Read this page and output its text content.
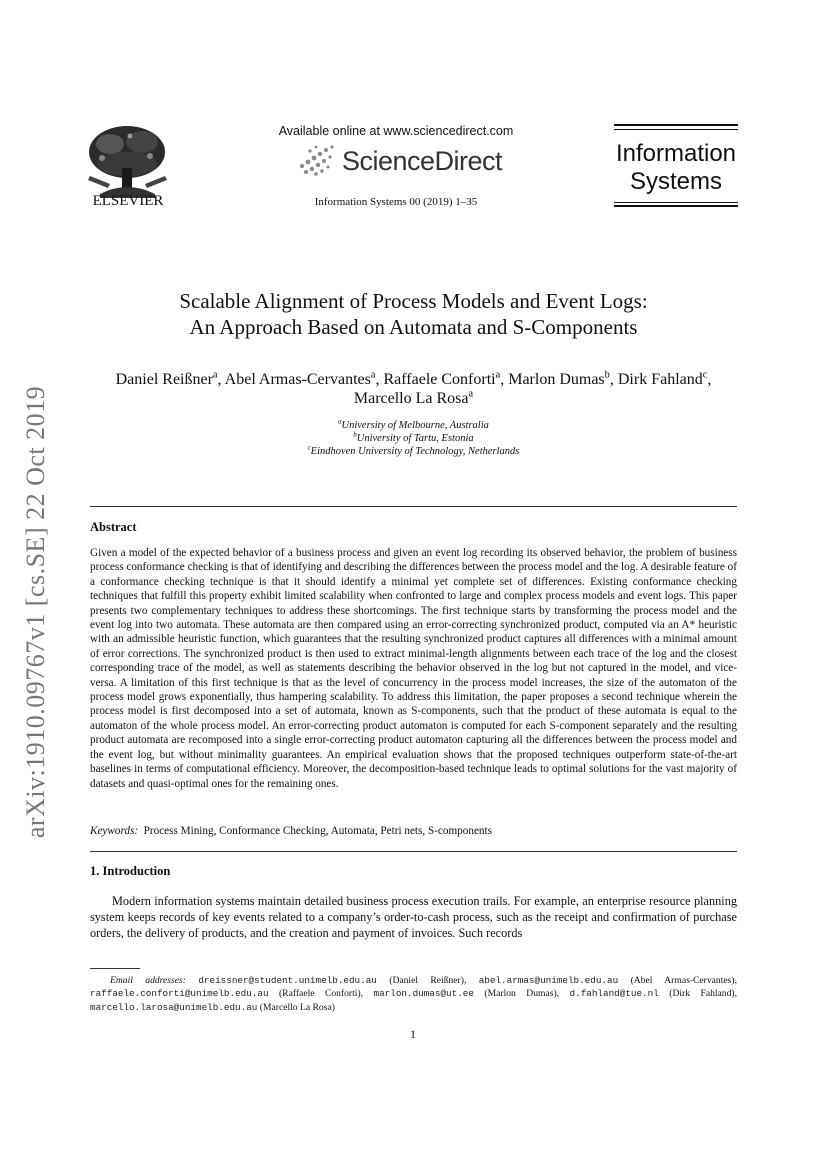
arXiv:1910.09767v1 [cs.SE] 22 Oct 2019
ELSEVIER
Available online at www.sciencedirect.com
ScienceDirect
Information Systems 00 (2019) 1–35
Information
Systems
Scalable Alignment of Process Models and Event Logs:
An Approach Based on Automata and S-Components
Daniel Reißner$^a$, Abel Armas-Cervantes$^a$, Raffaele Conforti$^a$, Marlon Dumas$^b$, Dirk Fahland$^c$, Marcello La Rosa$^a$
$^a$University of Melbourne, Australia
$^b$University of Tartu, Estonia
$^c$Eindhoven University of Technology, Netherlands
Abstract
Given a model of the expected behavior of a business process and given an event log recording its observed behavior, the problem of business process conformance checking is that of identifying and describing the differences between the process model and the log. A desirable feature of a conformance checking technique is that it should identify a minimal yet complete set of differences. Existing conformance checking techniques that fulfill this property exhibit limited scalability when confronted to large and complex process models and event logs. This paper presents two complementary techniques to address these shortcomings. The first technique starts by transforming the process model and the event log into two automata. These automata are then compared using an error-correcting synchronized product, computed via an A* heuristic with an admissible heuristic function, which guarantees that the resulting synchronized product captures all differences with a minimal amount of error corrections. The synchronized product is then used to extract minimal-length alignments between each trace of the log and the closest corresponding trace of the model, as well as statements describing the behavior observed in the log but not captured in the model, and vice-versa. A limitation of this first technique is that as the level of concurrency in the process model increases, the size of the automaton of the process model grows exponentially, thus hampering scalability. To address this limitation, the paper proposes a second technique wherein the process model is first decomposed into a set of automata, known as S-components, such that the product of these automata is equal to the automaton of the whole process model. An error-correcting product automaton is computed for each S-component separately and the resulting product automata are recomposed into a single error-correcting product automaton capturing all the differences between the process model and the event log, but without minimality guarantees. An empirical evaluation shows that the proposed techniques outperform state-of-the-art baselines in terms of computational efficiency. Moreover, the decomposition-based technique leads to optimal solutions for the vast majority of datasets and quasi-optimal ones for the remaining ones.
Keywords: Process Mining, Conformance Checking, Automata, Petri nets, S-components
1. Introduction
Modern information systems maintain detailed business process execution trails. For example, an enterprise resource planning system keeps records of key events related to a company’s order-to-cash process, such as the receipt and confirmation of purchase orders, the delivery of products, and the creation and payment of invoices. Such records
Email addresses: dreissner@student.unimelb.edu.au (Daniel Reißner), abel.armas@unimelb.edu.au (Abel Armas-Cervantes), raffaele.conforti@unimelb.edu.au (Raffaele Conforti), marlon.dumas@ut.ee (Marlon Dumas), d.fahland@tue.nl (Dirk Fahland), marcello.larosa@unimelb.edu.au (Marcello La Rosa)
1
